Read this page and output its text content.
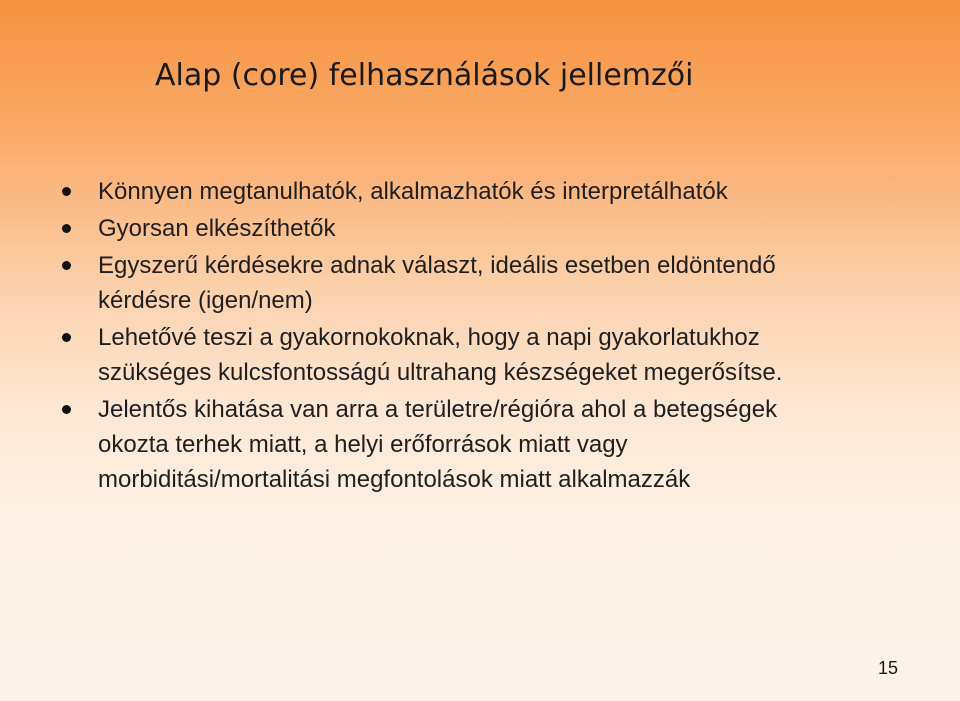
Alap (core) felhasználások jellemzői
Könnyen megtanulhatók, alkalmazhatók és interpretálhatók
Gyorsan elkészíthetők
Egyszerű kérdésekre adnak választ, ideális esetben eldöntendő
kérdésre (igen/nem)
Lehetővé teszi a gyakornokoknak, hogy a napi gyakorlatukhoz
szükséges kulcsfontosságú ultrahang készségeket megerősítse.
Jelentős kihatása van arra a területre/régióra ahol a betegségek
okozta terhek miatt, a helyi erőforrások miatt vagy
morbiditási/mortalitási megfontolások miatt alkalmazzák
15
